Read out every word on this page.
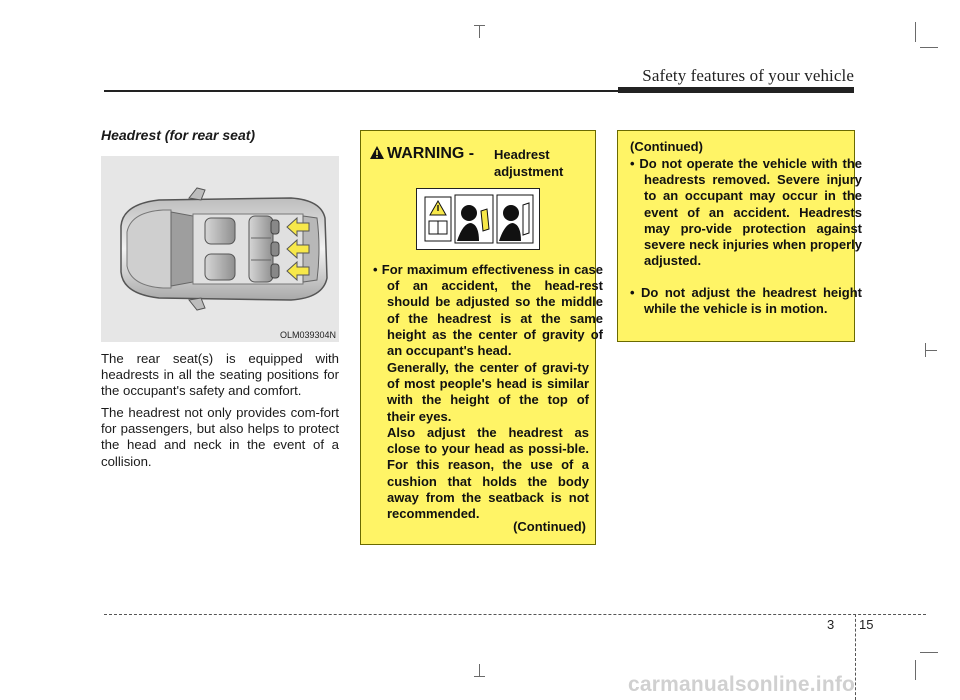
Safety features of your vehicle
Headrest (for rear seat)
OLM039304N
The rear seat(s) is equipped with headrests in all the seating positions for the occupant's safety and comfort.
The headrest not only provides com-fort for passengers, but also helps to protect the head and neck in the event of a collision.
WARNING - Headrest adjustment
• For maximum effectiveness in case of an accident, the head-rest should be adjusted so the middle of the headrest is at the same height as the center of gravity of an occupant's head.
Generally, the center of gravi-ty of most people's head is similar with the height of the top of their eyes.
Also adjust the headrest as close to your head as possi-ble. For this reason, the use of a cushion that holds the body away from the seatback is not recommended.
(Continued)
(Continued)
• Do not operate the vehicle with the headrests removed. Severe injury to an occupant may occur in the event of an accident. Headrests may pro-vide protection against severe neck injuries when properly adjusted.
• Do not adjust the headrest height while the vehicle is in motion.
3 15
carmanualsonline.info
